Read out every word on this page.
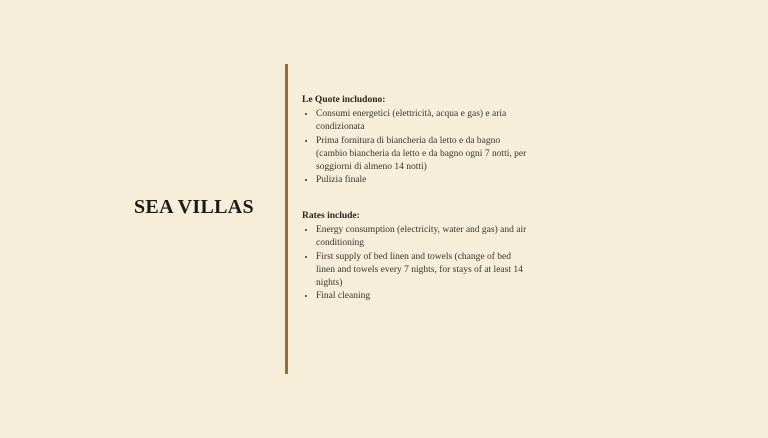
SEA VILLAS
Le Quote includono:
• Consumi energetici (elettricità, acqua e gas) e aria condizionata
• Prima fornitura di biancheria da letto e da bagno (cambio biancheria da letto e da bagno ogni 7 notti, per soggiorni di almeno 14 notti)
• Pulizia finale
Rates include:
• Energy consumption (electricity, water and gas) and air conditioning
• First supply of bed linen and towels (change of bed linen and towels every 7 nights, for stays of at least 14 nights)
• Final cleaning
